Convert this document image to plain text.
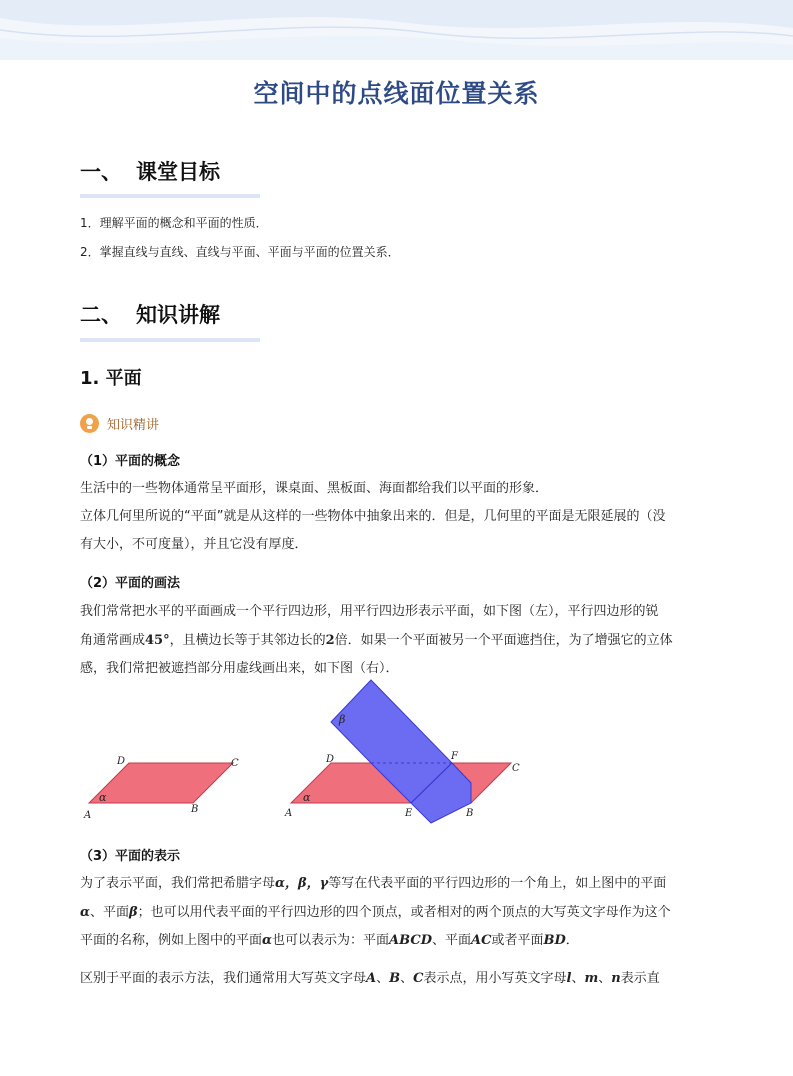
空间中的点线面位置关系
一、 课堂目标
1．理解平面的概念和平面的性质．
2．掌握直线与直线、直线与平面、平面与平面的位置关系．
二、 知识讲解
1. 平面
知识精讲
（1）平面的概念
生活中的一些物体通常呈平面形，课桌面、黑板面、海面都给我们以平面的形象．
立体几何里所说的“平面”就是从这样的一些物体中抽象出来的．但是，几何里的平面是无限延展的（没
有大小，不可度量），并且它没有厚度．
（2）平面的画法
我们常常把水平的平面画成一个平行四边形，用平行四边形表示平面，如下图（左），平行四边形的锐
角通常画成45°，且横边长等于其邻边长的2倍．如果一个平面被另一个平面遮挡住，为了增强它的立体
感，我们常把被遮挡部分用虚线画出来，如下图（右）．
D	C
A
B
α
β
D	F
C
α
A	E	B
（3）平面的表示
为了表示平面，我们常把希腊字母α，β，γ等写在代表平面的平行四边形的一个角上，如上图中的平面
α、平面β；也可以用代表平面的平行四边形的四个顶点，或者相对的两个顶点的大写英文字母作为这个
平面的名称，例如上图中的平面α也可以表示为：平面ABCD、平面AC或者平面BD．
区别于平面的表示方法，我们通常用大写英文字母A、B、C表示点，用小写英文字母l、m、n表示直
